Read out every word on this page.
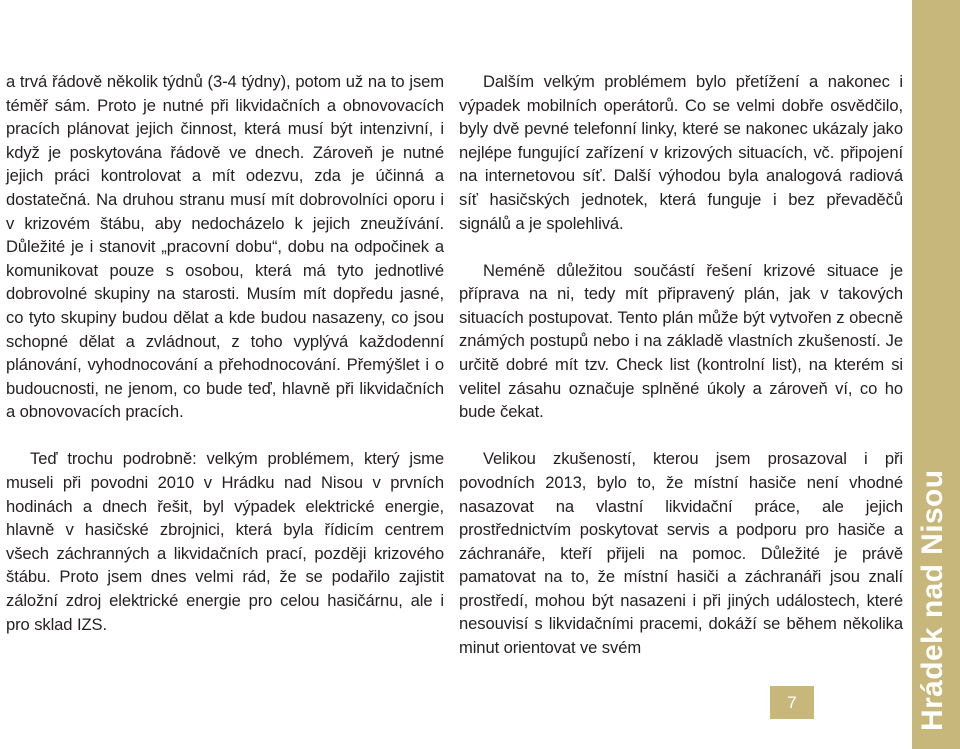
a trvá řádově několik týdnů (3-4 týdny), potom už na to jsem téměř sám. Proto je nutné při likvidačních a obnovovacích pracích plánovat jejich činnost, která musí být intenzivní, i když je poskytována řádově ve dnech. Zároveň je nutné jejich práci kontrolovat a mít odezvu, zda je účinná a dostatečná. Na druhou stranu musí mít dobrovolníci oporu i v krizovém štábu, aby nedocházelo k jejich zneužívání. Důležité je i stanovit „pracovní dobu“, dobu na odpočinek a komunikovat pouze s osobou, která má tyto jednotlivé dobrovolné skupiny na starosti. Musím mít dopředu jasné, co tyto skupiny budou dělat a kde budou nasazeny, co jsou schopné dělat a zvládnout, z toho vyplývá každodenní plánování, vyhodnocování a přehodnocování. Přemýšlet i o budoucnosti, ne jenom, co bude teď, hlavně při likvidačních a obnovovacích pracích.

Teď trochu podrobně: velkým problémem, který jsme museli při povodni 2010 v Hrádku nad Nisou v prvních hodinách a dnech řešit, byl výpadek elektrické energie, hlavně v hasičské zbrojnici, která byla řídicím centrem všech záchranných a likvidačních prací, později krizového štábu. Proto jsem dnes velmi rád, že se podařilo zajistit záložní zdroj elektrické energie pro celou hasičárnu, ale i pro sklad IZS.

Dalším velkým problémem bylo přetížení a nakonec i výpadek mobilních operátorů. Co se velmi dobře osvědčilo, byly dvě pevné telefonní linky, které se nakonec ukázaly jako nejlépe fungující zařízení v krizových situacích, vč. připojení na internetovou síť. Další výhodou byla analogová radiová síť hasičských jednotek, která funguje i bez převaděčů signálů a je spolehlivá.

Neméně důležitou součástí řešení krizové situace je příprava na ni, tedy mít připravený plán, jak v takových situacích postupovat. Tento plán může být vytvořen z obecně známých postupů nebo i na základě vlastních zkušeností. Je určitě dobré mít tzv. Check list (kontrolní list), na kterém si velitel zásahu označuje splněné úkoly a zároveň ví, co ho bude čekat.

Velikou zkušeností, kterou jsem prosazoval i při povodních 2013, bylo to, že místní hasiče není vhodné nasazovat na vlastní likvidační práce, ale jejich prostřednictvím poskytovat servis a podporu pro hasiče a záchranáře, kteří přijeli na pomoc. Důležité je právě pamatovat na to, že místní hasiči a záchranáři jsou znalí prostředí, mohou být nasazeni i při jiných událostech, které nesouvisí s likvidačními pracemi, dokáží se během několika minut orientovat ve svém	Hrádek nad Nisou
7
